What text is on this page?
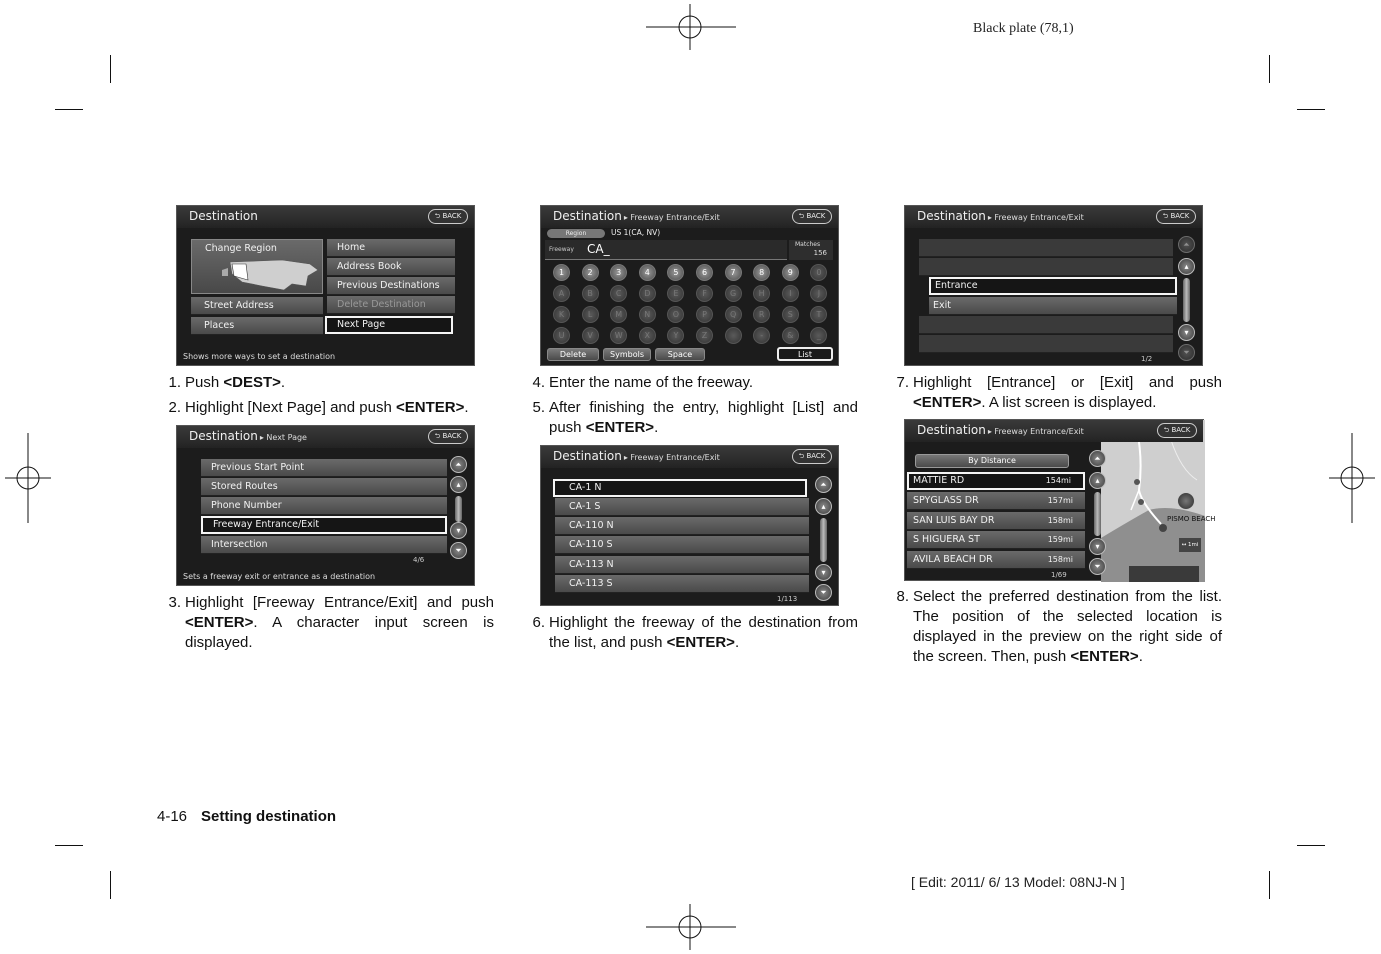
Black plate (78,1)
Destination	⮌ BACK
Change Region
Street Address
Places
Home
Address Book
Previous Destinations
Delete Destination
Next Page
Shows more ways to set a destination
Destination ▸ Next Page	⮌ BACK
Previous Start Point
Stored Routes
Phone Number
Freeway Entrance/Exit
Intersection
⏶
▴
▾
⏷
4/6
Sets a freeway exit or entrance as a destination
Destination ▸ Freeway Entrance/Exit	⮌ BACK
Region	US 1(CA, NV)
Freeway CA_	Matches
156
1	2	3	4	5	6	7	8	9	0
A	B	C	D	E	F	G	H	I	J
K	L	M	N	O	P	Q	R	S	T
U	V	W	X	Y	Z	-	&	_
Delete	Symbols	Space	List
Destination ▸ Freeway Entrance/Exit	⮌ BACK
CA-1 N
CA-1 S
CA-110 N
CA-110 S
CA-113 N
CA-113 S
⏶
▴
▾
⏷
1/113
Destination ▸ Freeway Entrance/Exit	⮌ BACK
Entrance
Exit
⏶
▴
▾
⏷
1/2
PISMO BEACH
↔ 1mi
Destination ▸ Freeway Entrance/Exit	⮌ BACK
By Distance
MATTIE RD	154mi
SPYGLASS DR	157mi
SAN LUIS BAY DR	158mi
S HIGUERA ST	159mi
AVILA BEACH DR	158mi
⏶
▴
▾
⏷
1/69
1. Push <DEST>.
2. Highlight [Next Page] and push <ENTER>.
3. Highlight [Freeway Entrance/Exit] and push <ENTER>. A character input screen is displayed.
4. Enter the name of the freeway.
5. After finishing the entry, highlight [List] and push <ENTER>.
6. Highlight the freeway of the destination from the list, and push <ENTER>.
7. Highlight [Entrance] or [Exit] and push <ENTER>. A list screen is displayed.
8. Select the preferred destination from the list. The position of the selected location is displayed in the preview on the right side of the screen. Then, push <ENTER>.
4-16 Setting destination
[ Edit: 2011/ 6/ 13 Model: 08NJ-N ]
